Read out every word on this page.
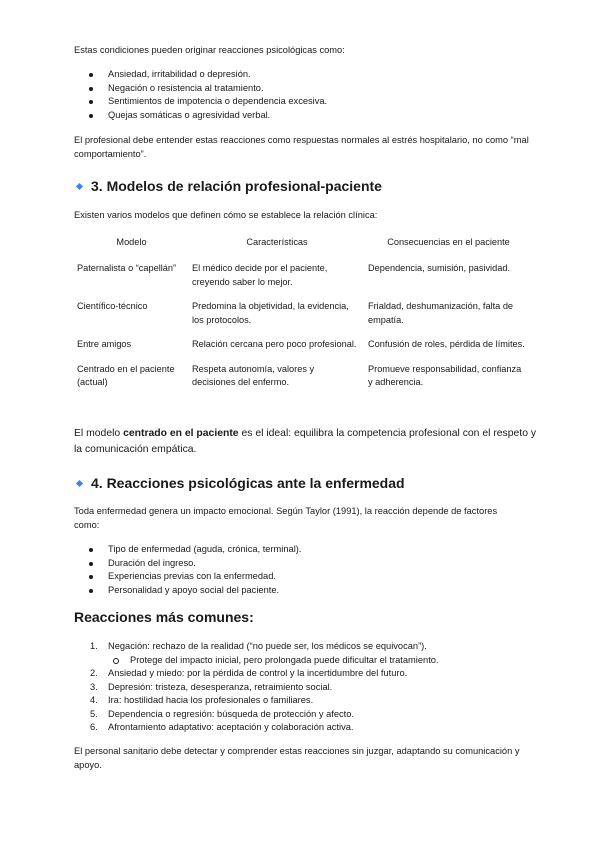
Estas condiciones pueden originar reacciones psicológicas como:

Ansiedad, irritabilidad o depresión.
Negación o resistencia al tratamiento.
Sentimientos de impotencia o dependencia excesiva.
Quejas somáticas o agresividad verbal.

El profesional debe entender estas reacciones como respuestas normales al estrés hospitalario, no como “mal comportamiento”.

3. Modelos de relación profesional-paciente

Existen varios modelos que definen cómo se establece la relación clínica:

Modelo	Características	Consecuencias en el paciente
Paternalista o “capellán”	El médico decide por el paciente, creyendo saber lo mejor.	Dependencia, sumisión, pasividad.
Científico-técnico	Predomina la objetividad, la evidencia, los protocolos.	Frialdad, deshumanización, falta de empatía.
Entre amigos	Relación cercana pero poco profesional.	Confusión de roles, pérdida de límites.
Centrado en el paciente (actual)	Respeta autonomía, valores y decisiones del enfermo.	Promueve responsabilidad, confianza y adherencia.

El modelo centrado en el paciente es el ideal: equilibra la competencia profesional con el respeto y la comunicación empática.

4. Reacciones psicológicas ante la enfermedad

Toda enfermedad genera un impacto emocional. Según Taylor (1991), la reacción depende de factores como:

Tipo de enfermedad (aguda, crónica, terminal).
Duración del ingreso.
Experiencias previas con la enfermedad.
Personalidad y apoyo social del paciente.
Reacciones más comunes:
1. Negación: rechazo de la realidad (“no puede ser, los médicos se equivocan”).
Protege del impacto inicial, pero prolongada puede dificultar el tratamiento.
2. Ansiedad y miedo: por la pérdida de control y la incertidumbre del futuro.
3. Depresión: tristeza, desesperanza, retraimiento social.
4. Ira: hostilidad hacia los profesionales o familiares.
5. Dependencia o regresión: búsqueda de protección y afecto.
6. Afrontamiento adaptativo: aceptación y colaboración activa.

El personal sanitario debe detectar y comprender estas reacciones sin juzgar, adaptando su comunicación y apoyo.
